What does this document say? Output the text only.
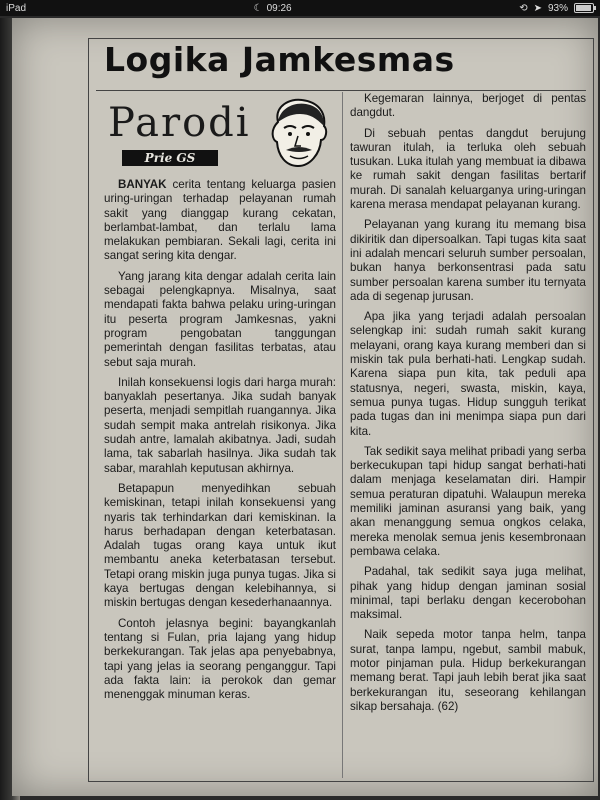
iPad	☾ 09:26	⟲ ➤ 93%
Logika Jamkesmas
Parodi
Prie GS

BANYAK cerita tentang keluarga pasien uring-uringan terhadap pelayanan rumah sakit yang dianggap kurang cekatan, berlambat-lambat, dan terlalu lama melakukan pembiaran. Sekali lagi, cerita ini sangat sering kita dengar.

Yang jarang kita dengar adalah cerita lain sebagai pelengkapnya. Misalnya, saat mendapati fakta bahwa pelaku uring-uringan itu peserta program Jamkesnas, yakni program pengobatan tanggungan pemerintah dengan fasilitas terbatas, atau sebut saja murah.

Inilah konsekuensi logis dari harga murah: banyaklah pesertanya. Jika sudah banyak peserta, menjadi sempitlah ruangannya. Jika sudah sempit maka antrelah risikonya. Jika sudah antre, lamalah akibatnya. Jadi, sudah lama, tak sabarlah hasilnya. Jika sudah tak sabar, marahlah keputusan akhirnya.

Betapapun menyedihkan sebuah kemiskinan, tetapi inilah konsekuensi yang nyaris tak terhindarkan dari kemiskinan. Ia harus berhadapan dengan keterbatasan. Adalah tugas orang kaya untuk ikut membantu aneka keterbatasan tersebut. Tetapi orang miskin juga punya tugas. Jika si kaya bertugas dengan kelebihannya, si miskin bertugas dengan kesederhanaannya.

Contoh jelasnya begini: bayangkanlah tentang si Fulan, pria lajang yang hidup berkekurangan. Tak jelas apa penyebabnya, tapi yang jelas ia seorang penganggur. Tapi ada fakta lain: ia perokok dan gemar menenggak minuman keras.

Kegemaran lainnya, berjoget di pentas dangdut.

Di sebuah pentas dangdut berujung tawuran itulah, ia terluka oleh sebuah tusukan. Luka itulah yang membuat ia dibawa ke rumah sakit dengan fasilitas bertarif murah. Di sanalah keluarganya uring-uringan karena merasa mendapat pelayanan kurang.

Pelayanan yang kurang itu memang bisa dikiritik dan dipersoalkan. Tapi tugas kita saat ini adalah mencari seluruh sumber persoalan, bukan hanya berkonsentrasi pada satu sumber persoalan karena sumber itu ternyata ada di segenap jurusan.

Apa jika yang terjadi adalah persoalan selengkap ini: sudah rumah sakit kurang melayani, orang kaya kurang memberi dan si miskin tak pula berhati-hati. Lengkap sudah. Karena siapa pun kita, tak peduli apa statusnya, negeri, swasta, miskin, kaya, semua punya tugas. Hidup sungguh terikat pada tugas dan ini menimpa siapa pun dari kita.

Tak sedikit saya melihat pribadi yang serba berkecukupan tapi hidup sangat berhati-hati dalam menjaga keselamatan diri. Hampir semua peraturan dipatuhi. Walaupun mereka memiliki jaminan asuransi yang baik, yang akan menanggung semua ongkos celaka, mereka menolak semua jenis kesembronaan pembawa celaka.

Padahal, tak sedikit saya juga melihat, pihak yang hidup dengan jaminan sosial minimal, tapi berlaku dengan kecerobohan maksimal.

Naik sepeda motor tanpa helm, tanpa surat, tanpa lampu, ngebut, sambil mabuk, motor pinjaman pula. Hidup berkekurangan memang berat. Tapi jauh lebih berat jika saat berkekurangan itu, seseorang kehilangan sikap bersahaja. (62)
